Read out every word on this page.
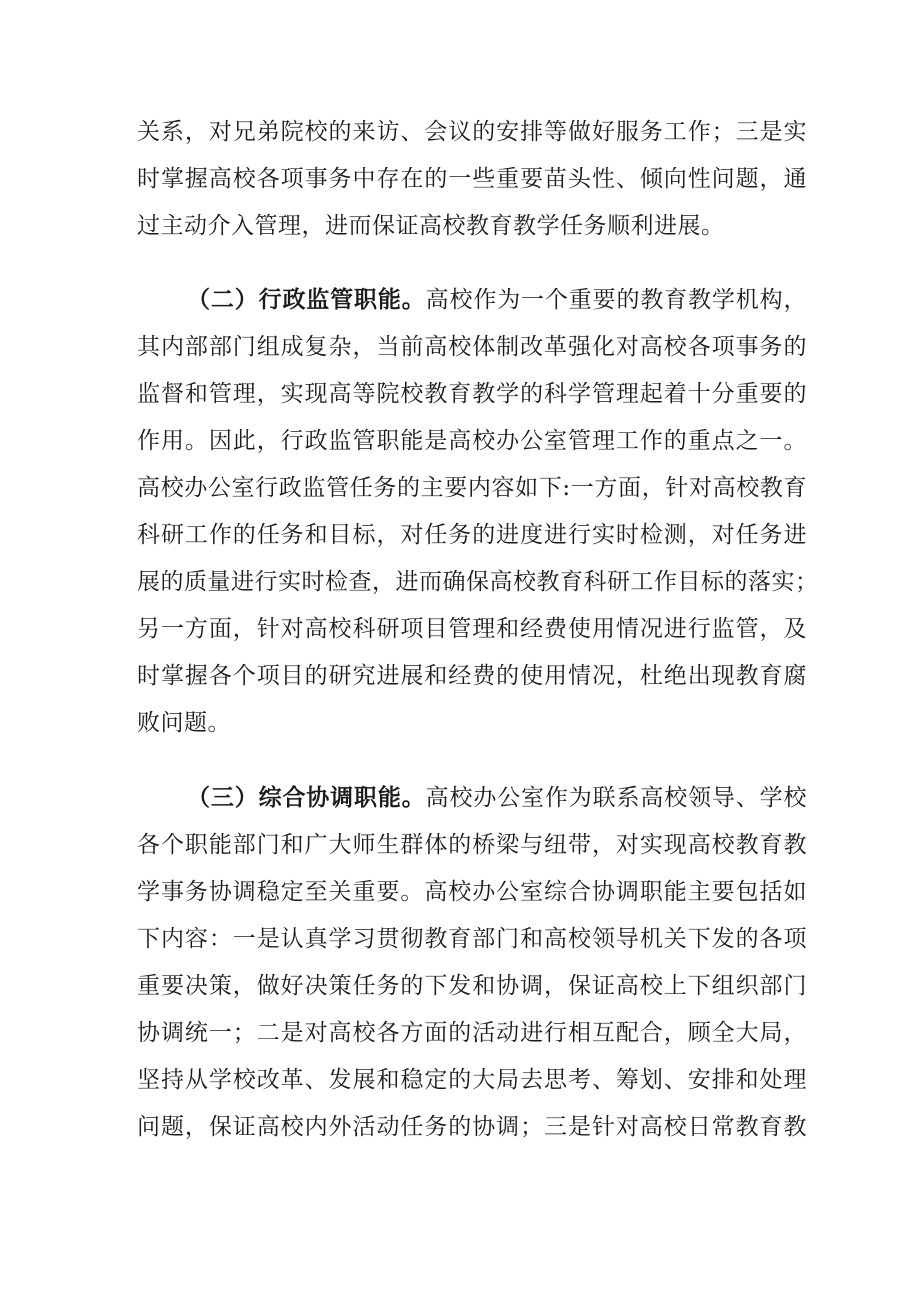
关系，对兄弟院校的来访、会议的安排等做好服务工作；三是实
时掌握高校各项事务中存在的一些重要苗头性、倾向性问题，通
过主动介入管理，进而保证高校教育教学任务顺利进展。
（二）行政监管职能。高校作为一个重要的教育教学机构，
其内部部门组成复杂，当前高校体制改革强化对高校各项事务的
监督和管理，实现高等院校教育教学的科学管理起着十分重要的
作用。因此，行政监管职能是高校办公室管理工作的重点之一。
高校办公室行政监管任务的主要内容如下:一方面，针对高校教育
科研工作的任务和目标，对任务的进度进行实时检测，对任务进
展的质量进行实时检查，进而确保高校教育科研工作目标的落实；
另一方面，针对高校科研项目管理和经费使用情况进行监管，及
时掌握各个项目的研究进展和经费的使用情况，杜绝出现教育腐
败问题。
（三）综合协调职能。高校办公室作为联系高校领导、学校
各个职能部门和广大师生群体的桥梁与纽带，对实现高校教育教
学事务协调稳定至关重要。高校办公室综合协调职能主要包括如
下内容：一是认真学习贯彻教育部门和高校领导机关下发的各项
重要决策，做好决策任务的下发和协调，保证高校上下组织部门
协调统一；二是对高校各方面的活动进行相互配合，顾全大局，
坚持从学校改革、发展和稳定的大局去思考、筹划、安排和处理
问题，保证高校内外活动任务的协调；三是针对高校日常教育教
